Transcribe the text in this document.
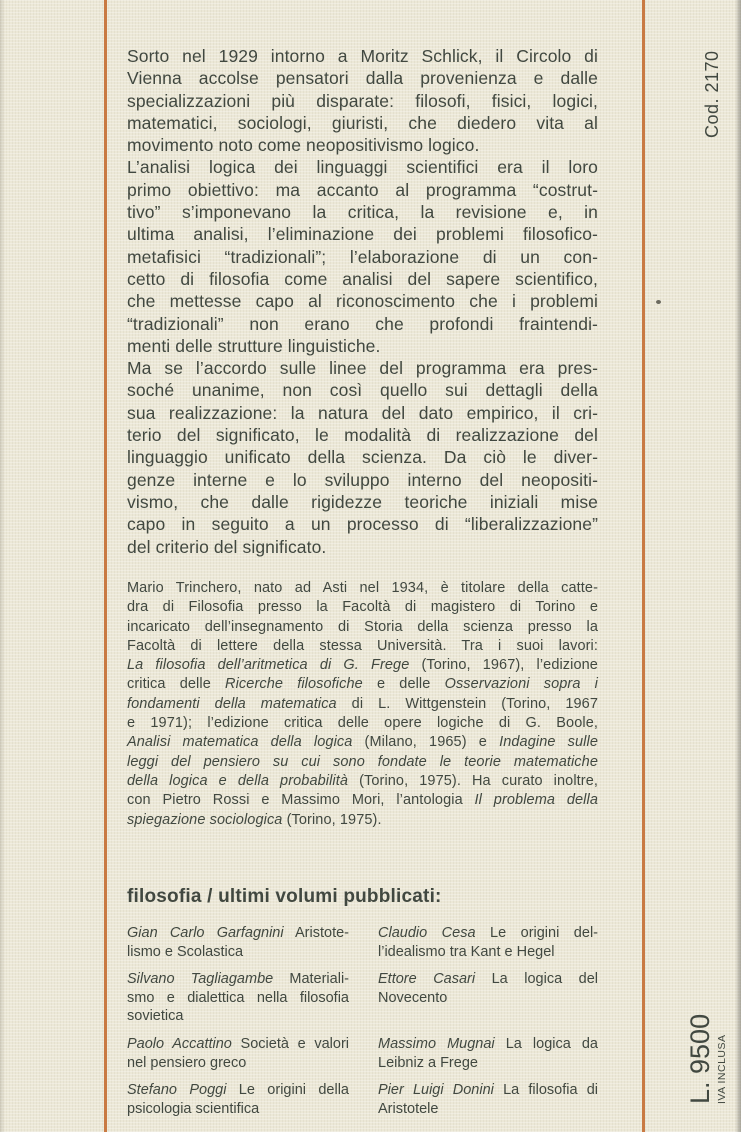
Sorto nel 1929 intorno a Moritz Schlick, il Circolo di
Vienna accolse pensatori dalla provenienza e dalle
specializzazioni più disparate: filosofi, fisici, logici,
matematici, sociologi, giuristi, che diedero vita al
movimento noto come neopositivismo logico.
L’analisi logica dei linguaggi scientifici era il loro
primo obiettivo: ma accanto al programma “costrut-
tivo” s’imponevano la critica, la revisione e, in
ultima analisi, l’eliminazione dei problemi filosofico-
metafisici “tradizionali”; l’elaborazione di un con-
cetto di filosofia come analisi del sapere scientifico,
che mettesse capo al riconoscimento che i problemi
“tradizionali” non erano che profondi fraintendi-
menti delle strutture linguistiche.
Ma se l’accordo sulle linee del programma era pres-
soché unanime, non così quello sui dettagli della
sua realizzazione: la natura del dato empirico, il cri-
terio del significato, le modalità di realizzazione del
linguaggio unificato della scienza. Da ciò le diver-
genze interne e lo sviluppo interno del neopositi-
vismo, che dalle rigidezze teoriche iniziali mise
capo in seguito a un processo di “liberalizzazione”
del criterio del significato.
Mario Trinchero, nato ad Asti nel 1934, è titolare della catte-
dra di Filosofia presso la Facoltà di magistero di Torino e
incaricato dell’insegnamento di Storia della scienza presso la
Facoltà di lettere della stessa Università. Tra i suoi lavori:
La filosofia dell’aritmetica di G. Frege (Torino, 1967), l’edizione
critica delle Ricerche filosofiche e delle Osservazioni sopra i
fondamenti della matematica di L. Wittgenstein (Torino, 1967
e 1971); l’edizione critica delle opere logiche di G. Boole,
Analisi matematica della logica (Milano, 1965) e Indagine sulle
leggi del pensiero su cui sono fondate le teorie matematiche
della logica e della probabilità (Torino, 1975). Ha curato inoltre,
con Pietro Rossi e Massimo Mori, l’antologia Il problema della
spiegazione sociologica (Torino, 1975).
filosofia / ultimi volumi pubblicati:
Gian Carlo Garfagnini Aristote-
lismo e Scolastica
Claudio Cesa Le origini del-
l’idealismo tra Kant e Hegel
Silvano Tagliagambe Materiali-
smo e dialettica nella filosofia
sovietica
Ettore Casari La logica del
Novecento
Paolo Accattino Società e valori
nel pensiero greco
Massimo Mugnai La logica da
Leibniz a Frege
Stefano Poggi Le origini della
psicologia scientifica
Pier Luigi Donini La filosofia di
Aristotele
Cod. 2170
L. 9500 IVA INCLUSA
